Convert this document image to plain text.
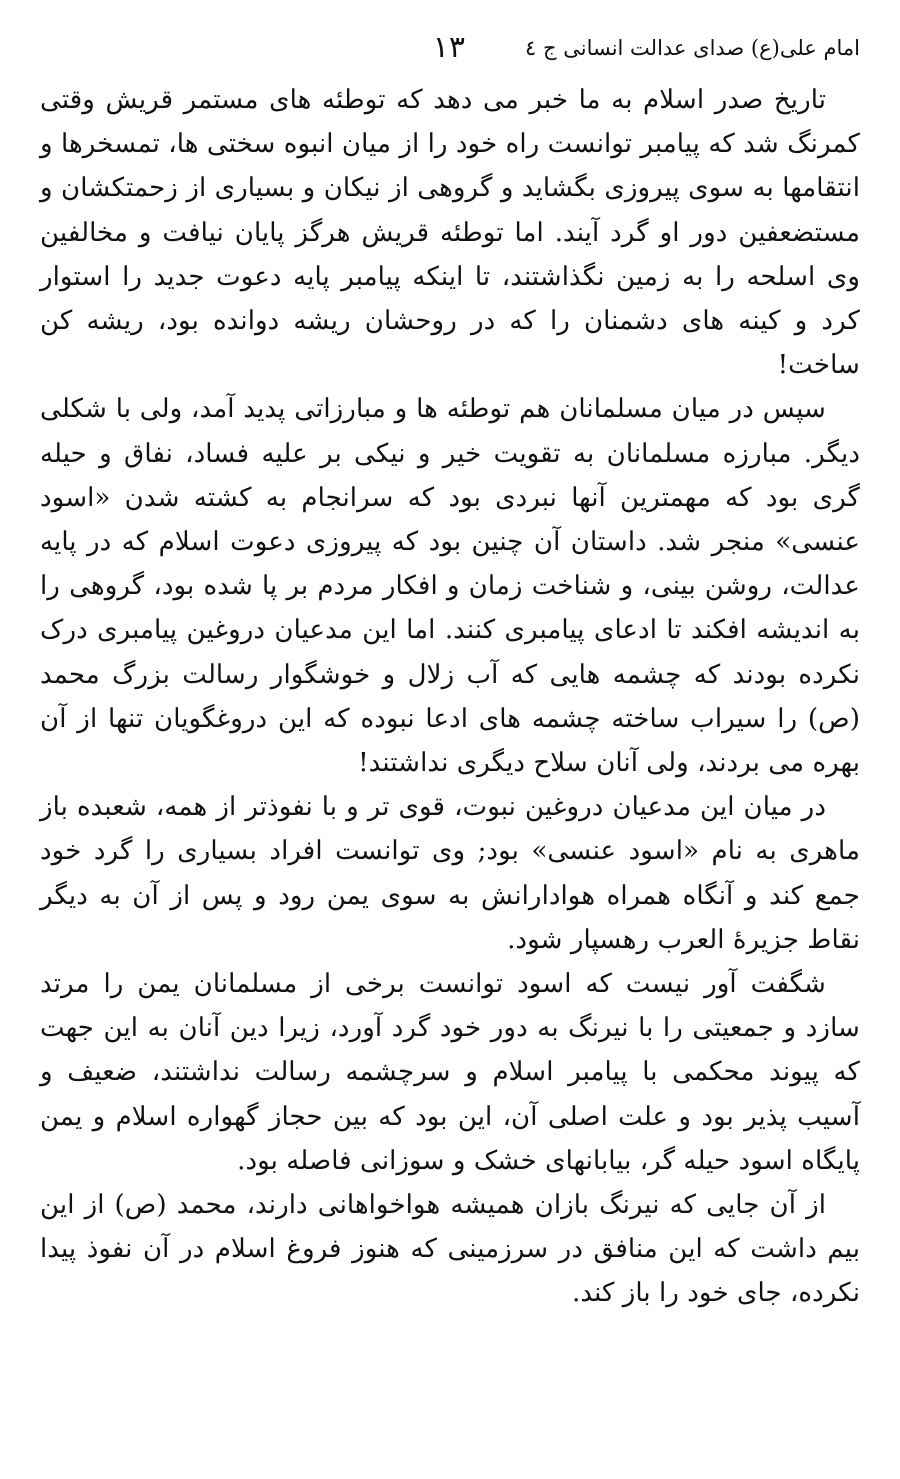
امام علی(ع) صدای عدالت انسانی ج ٤
١٣

تاریخ صدر اسلام به ما خبر می دهد که توطئه های مستمر قریش وقتی کمرنگ شد که پیامبر توانست راه خود را از میان انبوه سختی ها، تمسخرها و انتقامها به سوی پیروزی بگشاید و گروهی از نیکان و بسیاری از زحمتکشان و مستضعفین دور او گرد آیند. اما توطئه قریش هرگز پایان نیافت و مخالفین وی اسلحه را به زمین نگذاشتند، تا اینکه پیامبر پایه دعوت جدید را استوار کرد و کینه های دشمنان را که در روحشان ریشه دوانده بود، ریشه کن ساخت!

سپس در میان مسلمانان هم توطئه ها و مبارزاتی پدید آمد، ولی با شکلی دیگر. مبارزه مسلمانان به تقویت خیر و نیکی بر علیه فساد، نفاق و حیله گری بود که مهمترین آنها نبردی بود که سرانجام به کشته شدن «اسود عنسی» منجر شد. داستان آن چنین بود که پیروزی دعوت اسلام که در پایه عدالت، روشن بینی، و شناخت زمان و افکار مردم بر پا شده بود، گروهی را به اندیشه افکند تا ادعای پیامبری کنند. اما این مدعیان دروغین پیامبری درک نکرده بودند که چشمه هایی که آب زلال و خوشگوار رسالت بزرگ محمد (ص) را سیراب ساخته چشمه های ادعا نبوده که این دروغگویان تنها از آن بهره می بردند، ولی آنان سلاح دیگری نداشتند!

در میان این مدعیان دروغین نبوت، قوی تر و با نفوذتر از همه، شعبده باز ماهری به نام «اسود عنسی» بود; وی توانست افراد بسیاری را گرد خود جمع کند و آنگاه همراه هوادارانش به سوی یمن رود و پس از آن به دیگر نقاط جزیرۀ العرب رهسپار شود.

شگفت آور نیست که اسود توانست برخی از مسلمانان یمن را مرتد سازد و جمعیتی را با نیرنگ به دور خود گرد آورد، زیرا دین آنان به این جهت که پیوند محکمی با پیامبر اسلام و سرچشمه رسالت نداشتند، ضعیف و آسیب پذیر بود و علت اصلی آن، این بود که بین حجاز گهواره اسلام و یمن پایگاه اسود حیله گر، بیابانهای خشک و سوزانی فاصله بود.

از آن جایی که نیرنگ بازان همیشه هواخواهانی دارند، محمد (ص) از این بیم داشت که این منافق در سرزمینی که هنوز فروغ اسلام در آن نفوذ پیدا نکرده، جای خود را باز کند.
